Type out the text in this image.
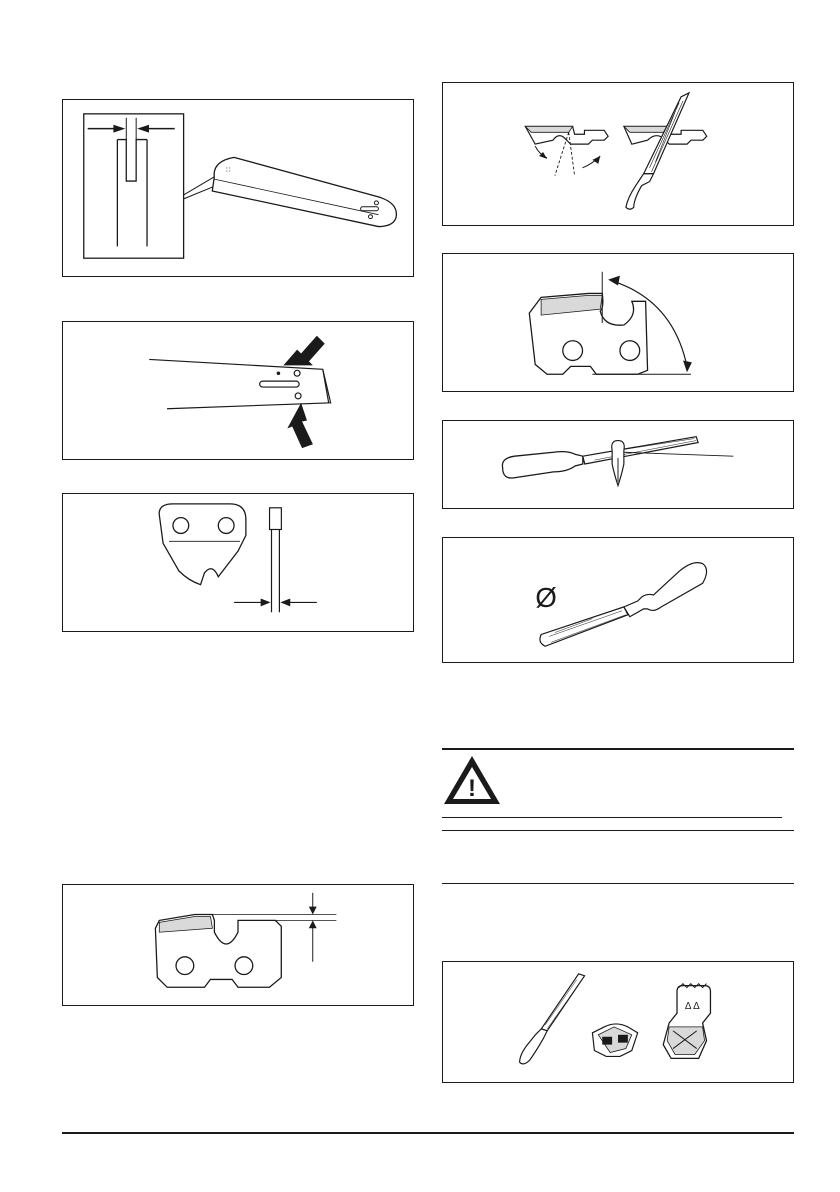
∷
Ø
!
Δ Δ
